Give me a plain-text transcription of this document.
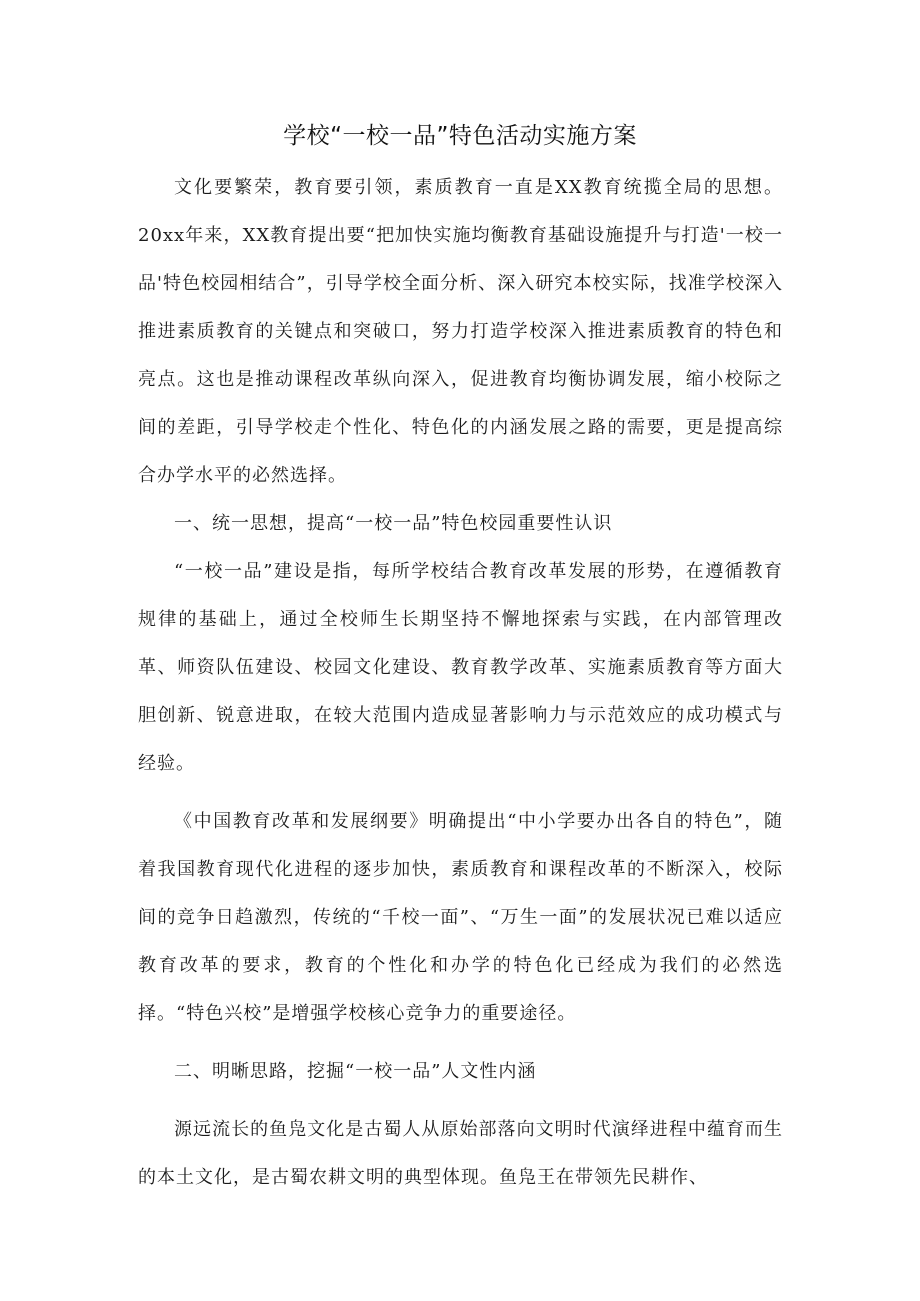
学校“一校一品”特色活动实施方案

文化要繁荣，教育要引领，素质教育一直是XX教育统揽全局的思想。20xx年来，XX教育提出要“把加快实施均衡教育基础设施提升与打造'一校一品'特色校园相结合”，引导学校全面分析、深入研究本校实际，找准学校深入推进素质教育的关键点和突破口，努力打造学校深入推进素质教育的特色和亮点。这也是推动课程改革纵向深入，促进教育均衡协调发展，缩小校际之间的差距，引导学校走个性化、特色化的内涵发展之路的需要，更是提高综合办学水平的必然选择。

一、统一思想，提高“一校一品”特色校园重要性认识

“一校一品”建设是指，每所学校结合教育改革发展的形势，在遵循教育规律的基础上，通过全校师生长期坚持不懈地探索与实践，在内部管理改革、师资队伍建设、校园文化建设、教育教学改革、实施素质教育等方面大胆创新、锐意进取，在较大范围内造成显著影响力与示范效应的成功模式与经验。

《中国教育改革和发展纲要》明确提出“中小学要办出各自的特色”，随着我国教育现代化进程的逐步加快，素质教育和课程改革的不断深入，校际间的竞争日趋激烈，传统的“千校一面”、“万生一面”的发展状况已难以适应教育改革的要求，教育的个性化和办学的特色化已经成为我们的必然选择。“特色兴校”是增强学校核心竞争力的重要途径。

二、明晰思路，挖掘“一校一品”人文性内涵

源远流长的鱼凫文化是古蜀人从原始部落向文明时代演绎进程中蕴育而生的本土文化，是古蜀农耕文明的典型体现。鱼凫王在带领先民耕作、
